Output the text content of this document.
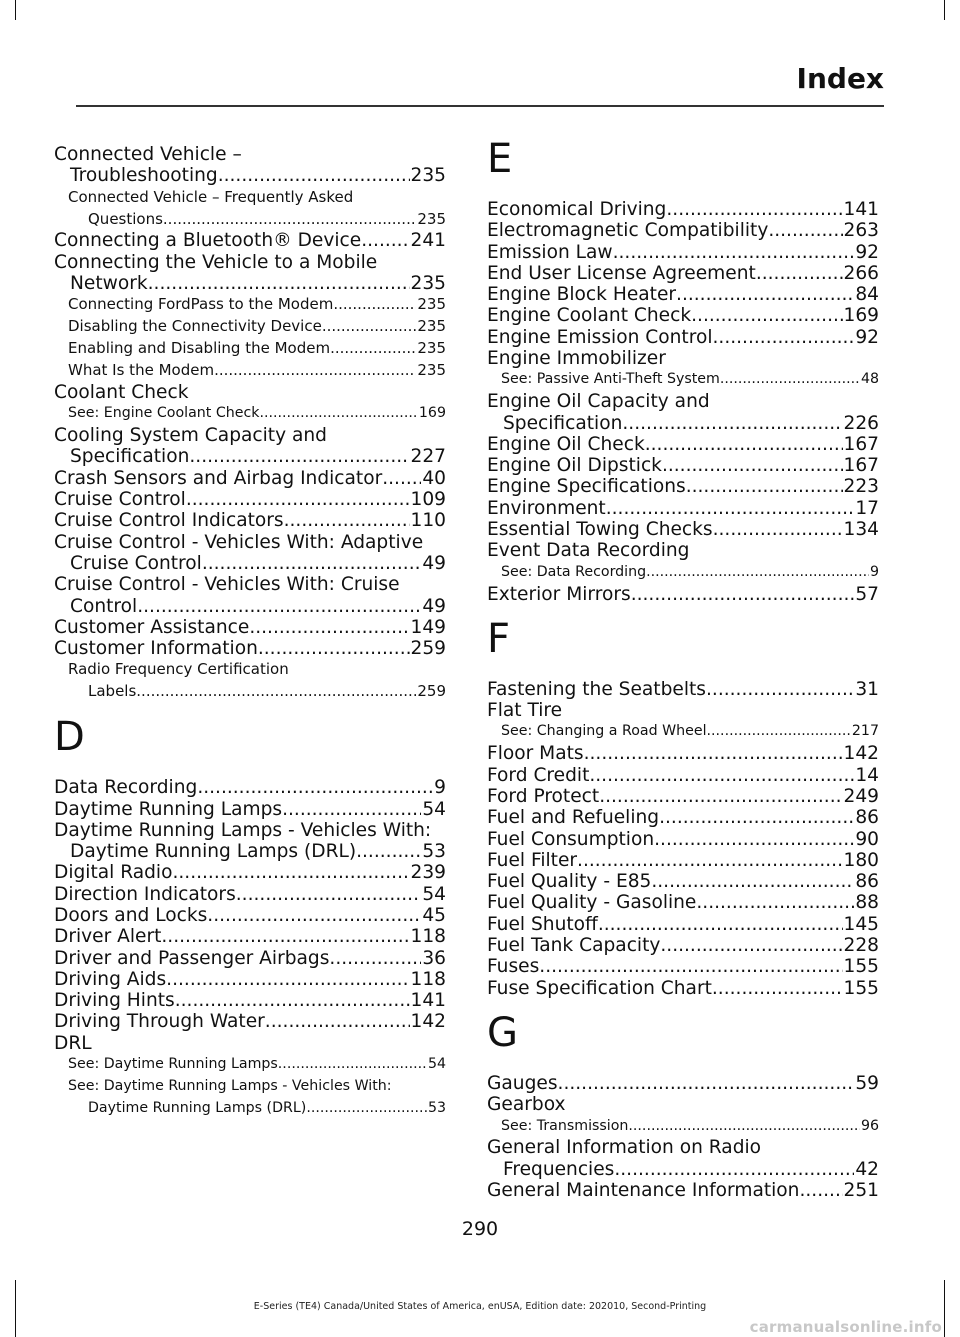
Index
Connected Vehicle –
Troubleshooting .....	235
Connected Vehicle – Frequently Asked
Questions .....	235
Connecting a Bluetooth® Device .....	241
Connecting the Vehicle to a Mobile
Network .....	235
Connecting FordPass to the Modem .....	235
Disabling the Connectivity Device .....	235
Enabling and Disabling the Modem .....	235
What Is the Modem .....	235
Coolant Check
See: Engine Coolant Check .....	169
Cooling System Capacity and
Specification .....	227
Crash Sensors and Airbag Indicator ..... 40
Cruise Control .....	109
Cruise Control Indicators .....	110
Cruise Control - Vehicles With: Adaptive
Cruise Control .....	49
Cruise Control - Vehicles With: Cruise
Control .....	49
Customer Assistance .....	149
Customer Information .....	259
Radio Frequency Certification
Labels .....	259
D
Data Recording .....	9
Daytime Running Lamps .....	54
Daytime Running Lamps - Vehicles With:
Daytime Running Lamps (DRL) .....	53
Digital Radio .....	239
Direction Indicators .....	54
Doors and Locks .....	45
Driver Alert .....	118
Driver and Passenger Airbags .....	36
Driving Aids .....	118
Driving Hints .....	141
Driving Through Water .....	142
DRL
See: Daytime Running Lamps .....	54
See: Daytime Running Lamps - Vehicles With:
Daytime Running Lamps (DRL) .....	53
E
Economical Driving .....	141
Electromagnetic Compatibility .....	263
Emission Law .....	92
End User License Agreement .....	266
Engine Block Heater .....	84
Engine Coolant Check .....	169
Engine Emission Control .....	92
Engine Immobilizer
See: Passive Anti-Theft System .....	48
Engine Oil Capacity and
Specification .....	226
Engine Oil Check .....	167
Engine Oil Dipstick .....	167
Engine Specifications .....	223
Environment .....	17
Essential Towing Checks .....	134
Event Data Recording
See: Data Recording .....	9
Exterior Mirrors .....	57
F
Fastening the Seatbelts .....	31
Flat Tire
See: Changing a Road Wheel .....	217
Floor Mats .....	142
Ford Credit .....	14
Ford Protect .....	249
Fuel and Refueling .....	86
Fuel Consumption .....	90
Fuel Filter .....	180
Fuel Quality - E85 .....	86
Fuel Quality - Gasoline .....	88
Fuel Shutoff .....	145
Fuel Tank Capacity .....	228
Fuses .....	155
Fuse Specification Chart .....	155
G
Gauges .....	59
Gearbox
See: Transmission .....	96
General Information on Radio
Frequencies .....	42
General Maintenance Information ..... 251
290
E-Series (TE4) Canada/United States of America, enUSA, Edition date: 202010, Second-Printing
carmanualsonline.info
